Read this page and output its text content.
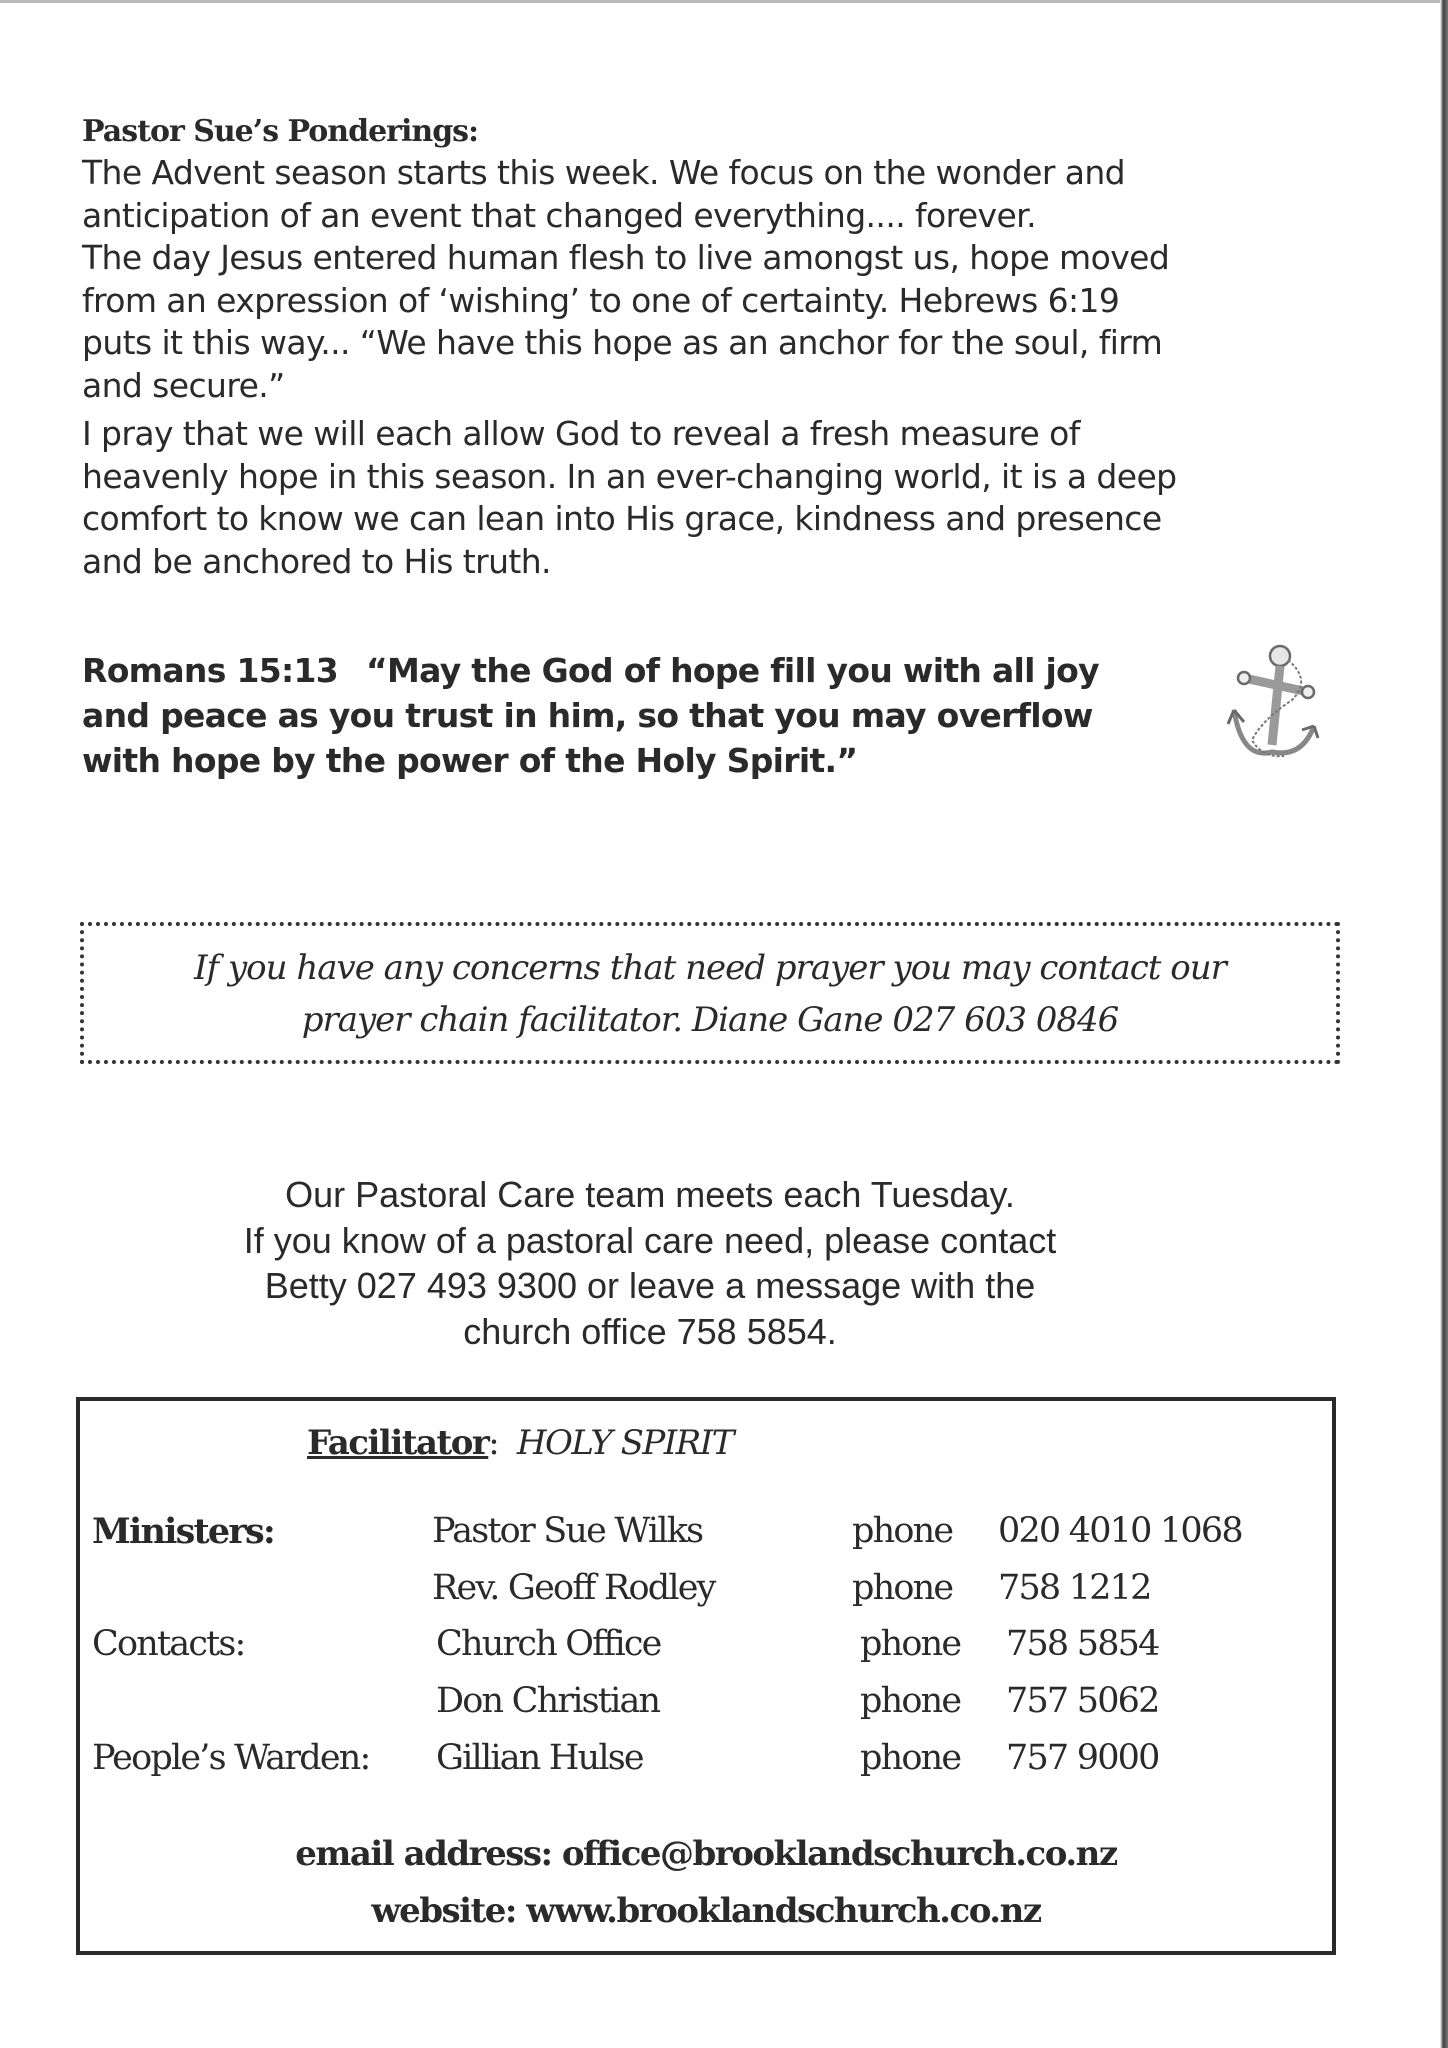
Pastor Sue’s Ponderings:

The Advent season starts this week. We focus on the wonder and
anticipation of an event that changed everything.... forever.
The day Jesus entered human flesh to live amongst us, hope moved
from an expression of ‘wishing’ to one of certainty. Hebrews 6:19
puts it this way... “We have this hope as an anchor for the soul, firm
and secure.”

I pray that we will each allow God to reveal a fresh measure of
heavenly hope in this season. In an ever-changing world, it is a deep
comfort to know we can lean into His grace, kindness and presence
and be anchored to His truth.

Romans 15:13 “May the God of hope fill you with all joy
and peace as you trust in him, so that you may overflow
with hope by the power of the Holy Spirit.”
If you have any concerns that need prayer you may contact our
prayer chain facilitator. Diane Gane 027 603 0846
Our Pastoral Care team meets each Tuesday.
If you know of a pastoral care need, please contact
Betty 027 493 9300 or leave a message with the
church office 758 5854.
Facilitator: HOLY SPIRIT
Ministers:	Pastor Sue Wilks	phone 020 4010 1068
Rev. Geoff Rodley	phone 758 1212
Contacts:	Church Office	phone 758 5854
Don Christian	phone 757 5062
People’s Warden: Gillian Hulse	phone 757 9000
email address: office@brooklandschurch.co.nz
website: www.brooklandschurch.co.nz
